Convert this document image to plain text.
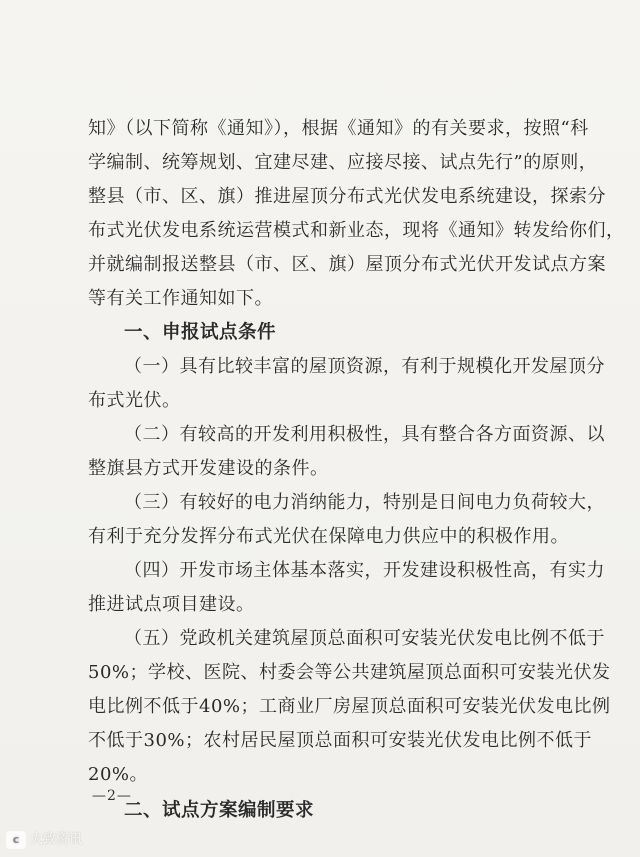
知》（以下简称《通知》），根据《通知》的有关要求，按照“科
学编制、统筹规划、宜建尽建、应接尽接、试点先行”的原则，
整县（市、区、旗）推进屋顶分布式光伏发电系统建设，探索分
布式光伏发电系统运营模式和新业态，现将《通知》转发给你们，
并就编制报送整县（市、区、旗）屋顶分布式光伏开发试点方案
等有关工作通知如下。
一、申报试点条件
（一）具有比较丰富的屋顶资源，有利于规模化开发屋顶分
布式光伏。
（二）有较高的开发利用积极性，具有整合各方面资源、以
整旗县方式开发建设的条件。
（三）有较好的电力消纳能力，特别是日间电力负荷较大，
有利于充分发挥分布式光伏在保障电力供应中的积极作用。
（四）开发市场主体基本落实，开发建设积极性高，有实力
推进试点项目建设。
（五）党政机关建筑屋顶总面积可安装光伏发电比例不低于
50%；学校、医院、村委会等公共建筑屋顶总面积可安装光伏发
电比例不低于40%；工商业厂房屋顶总面积可安装光伏发电比例
不低于30%；农村居民屋顶总面积可安装光伏发电比例不低于
20%。
二、试点方案编制要求
—2—
c 大致资讯
